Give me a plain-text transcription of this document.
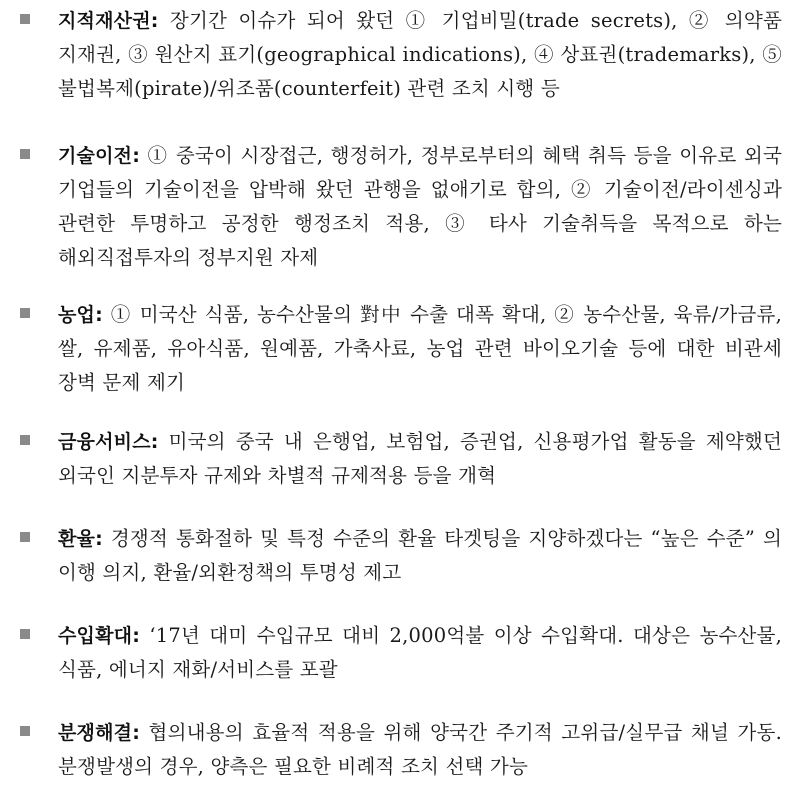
지적재산권: 장기간 이슈가 되어 왔던 ① 기업비밀(trade secrets), ② 의약품 지재권, ③ 원산지 표기(geographical indications), ④ 상표권(trademarks), ⑤ 불법복제(pirate)/위조품(counterfeit) 관련 조치 시행 등
기술이전: ① 중국이 시장접근, 행정허가, 정부로부터의 혜택 취득 등을 이유로 외국 기업들의 기술이전을 압박해 왔던 관행을 없애기로 합의, ② 기술이전/라이센싱과 관련한 투명하고 공정한 행정조치 적용, ③ 타사 기술취득을 목적으로 하는 해외직접투자의 정부지원 자제
농업: ① 미국산 식품, 농수산물의 對中 수출 대폭 확대, ② 농수산물, 육류/가금류, 쌀, 유제품, 유아식품, 원예품, 가축사료, 농업 관련 바이오기술 등에 대한 비관세 장벽 문제 제기
금융서비스: 미국의 중국 내 은행업, 보험업, 증권업, 신용평가업 활동을 제약했던 외국인 지분투자 규제와 차별적 규제적용 등을 개혁
환율: 경쟁적 통화절하 및 특정 수준의 환율 타겟팅을 지양하겠다는 “높은 수준” 의 이행 의지, 환율/외환정책의 투명성 제고
수입확대: ‘17년 대미 수입규모 대비 2,000억불 이상 수입확대. 대상은 농수산물, 식품, 에너지 재화/서비스를 포괄
분쟁해결: 협의내용의 효율적 적용을 위해 양국간 주기적 고위급/실무급 채널 가동. 분쟁발생의 경우, 양측은 필요한 비례적 조치 선택 가능
